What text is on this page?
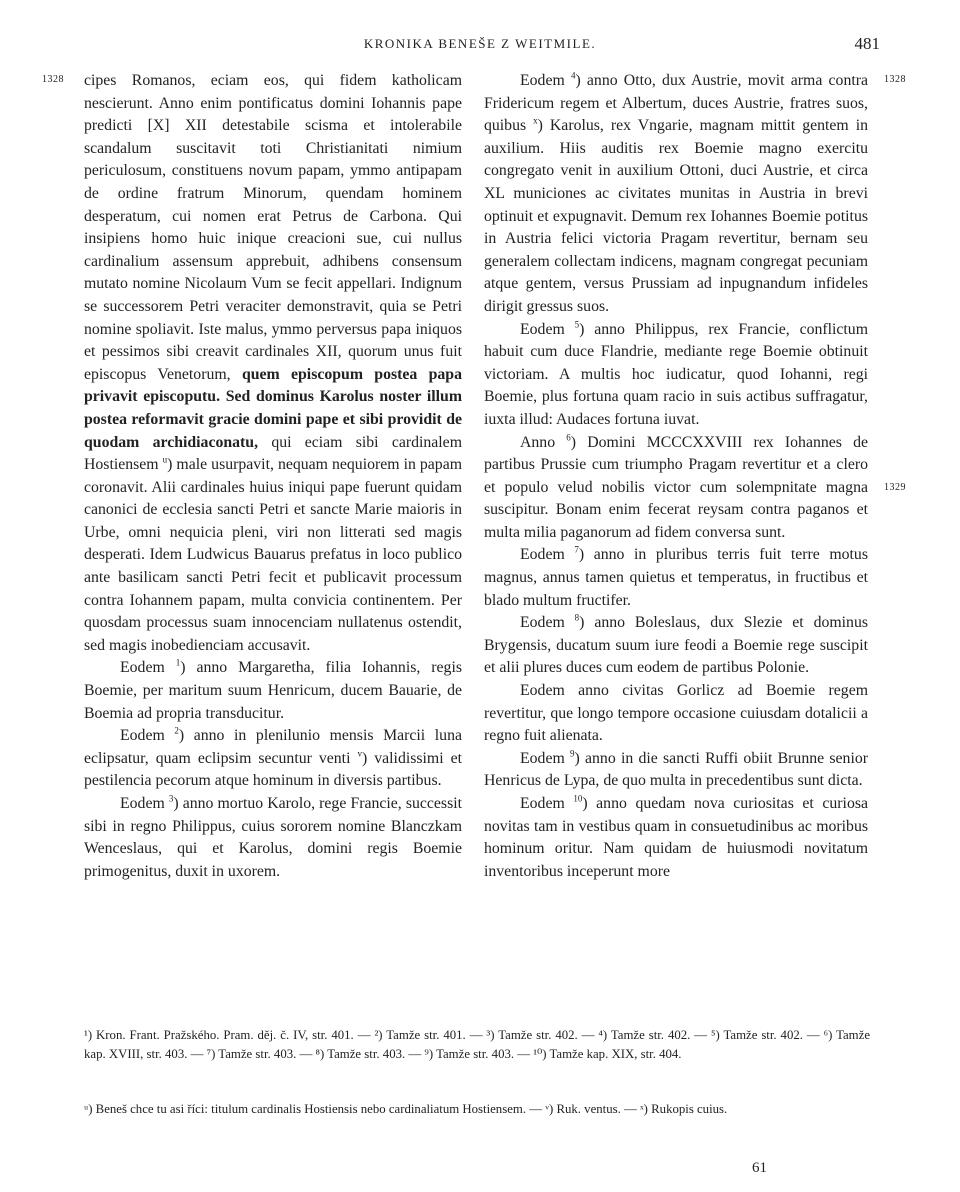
KRONIKA BENEŠE Z WEITMILE.	481
1328	1328
1329

cipes Romanos, eciam eos, qui fidem katholicam nescierunt. Anno enim pontificatus domini Iohannis pape predicti [X] XII detestabile scisma et intolerabile scandalum suscitavit toti Christianitati nimium periculosum, constituens novum papam, ymmo antipapam de ordine fratrum Minorum, quendam hominem desperatum, cui nomen erat Petrus de Carbona. Qui insipiens homo huic inique creacioni sue, cui nullus cardinalium assensum apprebuit, adhibens consensum mutato nomine Nicolaum Vum se fecit appellari. Indignum se successorem Petri veraciter demonstravit, quia se Petri nomine spoliavit. Iste malus, ymmo perversus papa iniquos et pessimos sibi creavit cardinales XII, quorum unus fuit episcopus Venetorum, quem episcopum postea papa privavit episcoputu. Sed dominus Karolus noster illum postea reformavit gracie domini pape et sibi providit de quodam archidiaconatu, qui eciam sibi cardinalem Hostiensem $^u$) male usurpavit, nequam nequiorem in papam coronavit. Alii cardinales huius iniqui pape fuerunt quidam canonici de ecclesia sancti Petri et sancte Marie maioris in Urbe, omni nequicia pleni, viri non litterati sed magis desperati. Idem Ludwicus Bauarus prefatus in loco publico ante basilicam sancti Petri fecit et publicavit processum contra Iohannem papam, multa convicia continentem. Per quosdam processus suam innocenciam nullatenus ostendit, sed magis inobedienciam accusavit.

Eodem $^1$) anno Margaretha, filia Iohannis, regis Boemie, per maritum suum Henricum, ducem Bauarie, de Boemia ad propria transducitur.

Eodem $^2$) anno in plenilunio mensis Marcii luna eclipsatur, quam eclipsim secuntur venti $^v$) validissimi et pestilencia pecorum atque hominum in diversis partibus.

Eodem $^3$) anno mortuo Karolo, rege Francie, successit sibi in regno Philippus, cuius sororem nomine Blanczkam Wenceslaus, qui et Karolus, domini regis Boemie primogenitus, duxit in uxorem.

Eodem $^4$) anno Otto, dux Austrie, movit arma contra Fridericum regem et Albertum, duces Austrie, fratres suos, quibus $^x$) Karolus, rex Vngarie, magnam mittit gentem in auxilium. Hiis auditis rex Boemie magno exercitu congregato venit in auxilium Ottoni, duci Austrie, et circa XL municiones ac civitates munitas in Austria in brevi optinuit et expugnavit. Demum rex Iohannes Boemie potitus in Austria felici victoria Pragam revertitur, bernam seu generalem collectam indicens, magnam congregat pecuniam atque gentem, versus Prussiam ad inpugnandum infideles dirigit gressus suos.

Eodem $^5$) anno Philippus, rex Francie, conflictum habuit cum duce Flandrie, mediante rege Boemie obtinuit victoriam. A multis hoc iudicatur, quod Iohanni, regi Boemie, plus fortuna quam racio in suis actibus suffragatur, iuxta illud: Audaces fortuna iuvat.

Anno $^6$) Domini MCCCXXVIII rex Iohannes de partibus Prussie cum triumpho Pragam revertitur et a clero et populo velud nobilis victor cum solempnitate magna suscipitur. Bonam enim fecerat reysam contra paganos et multa milia paganorum ad fidem conversa sunt.

Eodem $^7$) anno in pluribus terris fuit terre motus magnus, annus tamen quietus et temperatus, in fructibus et blado multum fructifer.

Eodem $^8$) anno Boleslaus, dux Slezie et dominus Brygensis, ducatum suum iure feodi a Boemie rege suscipit et alii plures duces cum eodem de partibus Polonie.

Eodem anno civitas Gorlicz ad Boemie regem revertitur, que longo tempore occasione cuiusdam dotalicii a regno fuit alienata.

Eodem $^9$) anno in die sancti Ruffi obiit Brunne senior Henricus de Lypa, de quo multa in precedentibus sunt dicta.

Eodem $^{10}$) anno quedam nova curiositas et curiosa novitas tam in vestibus quam in consuetudinibus ac moribus hominum oritur. Nam quidam de huiusmodi novitatum inventoribus inceperunt more

¹) Kron. Frant. Pražského. Pram. děj. č. IV, str. 401. — ²) Tamže str. 401. — ³) Tamže str. 402. — ⁴) Tamže str. 402. — ⁵) Tamže str. 402. — ⁶) Tamže kap. XVIII, str. 403. — ⁷) Tamže str. 403. — ⁸) Tamže str. 403. — ⁹) Tamže str. 403. — ¹⁰) Tamže kap. XIX, str. 404.

ᵘ) Beneš chce tu asi říci: titulum cardinalis Hostiensis nebo cardinaliatum Hostiensem. — ᵛ) Ruk. ventus. — ˣ) Rukopis cuius.

61
